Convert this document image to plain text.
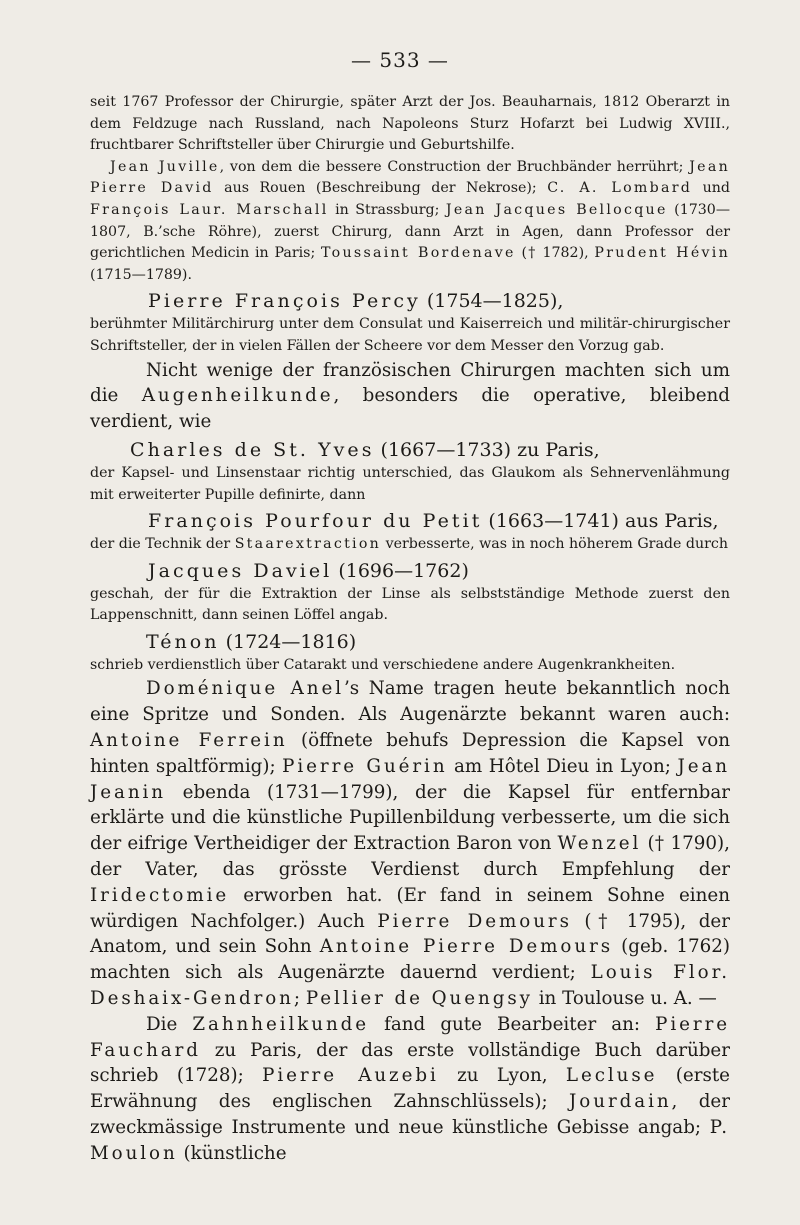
— 533 —

seit 1767 Professor der Chirurgie, später Arzt der Jos. Beauharnais, 1812 Oberarzt in dem Feldzuge nach Russland, nach Napoleons Sturz Hofarzt bei Ludwig XVIII., fruchtbarer Schriftsteller über Chirurgie und Geburtshilfe.

Jean Juville, von dem die bessere Construction der Bruchbänder herrührt; Jean Pierre David aus Rouen (Beschreibung der Nekrose); C. A. Lombard und François Laur. Marschall in Strassburg; Jean Jacques Bellocque (1730—1807, B.’sche Röhre), zuerst Chirurg, dann Arzt in Agen, dann Professor der gerichtlichen Medicin in Paris; Toussaint Bordenave († 1782), Prudent Hévin (1715—1789).

Pierre François Percy (1754—1825),

berühmter Militärchirurg unter dem Consulat und Kaiserreich und militär-chirurgischer Schriftsteller, der in vielen Fällen der Scheere vor dem Messer den Vorzug gab.

Nicht wenige der französischen Chirurgen machten sich um die Augenheilkunde, besonders die operative, bleibend verdient, wie

Charles de St. Yves (1667—1733) zu Paris,

der Kapsel- und Linsenstaar richtig unterschied, das Glaukom als Sehnervenlähmung mit erweiterter Pupille definirte, dann

François Pourfour du Petit (1663—1741) aus Paris,

der die Technik der Staarextraction verbesserte, was in noch höherem Grade durch

Jacques Daviel (1696—1762)

geschah, der für die Extraktion der Linse als selbstständige Methode zuerst den Lappenschnitt, dann seinen Löffel angab.

Ténon (1724—1816)

schrieb verdienstlich über Catarakt und verschiedene andere Augenkrankheiten.

Doménique Anel’s Name tragen heute bekanntlich noch eine Spritze und Sonden. Als Augenärzte bekannt waren auch: Antoine Ferrein (öffnete behufs Depression die Kapsel von hinten spaltförmig); Pierre Guérin am Hôtel Dieu in Lyon; Jean Jeanin ebenda (1731—1799), der die Kapsel für entfernbar erklärte und die künstliche Pupillenbildung verbesserte, um die sich der eifrige Vertheidiger der Extraction Baron von Wenzel († 1790), der Vater, das grösste Verdienst durch Empfehlung der Iridectomie erworben hat. (Er fand in seinem Sohne einen würdigen Nachfolger.) Auch Pierre Demours († 1795), der Anatom, und sein Sohn Antoine Pierre Demours (geb. 1762) machten sich als Augenärzte dauernd verdient; Louis Flor. Deshaix-Gendron; Pellier de Quengsy in Toulouse u. A. —

Die Zahnheilkunde fand gute Bearbeiter an: Pierre Fauchard zu Paris, der das erste vollständige Buch darüber schrieb (1728); Pierre Auzebi zu Lyon, Lecluse (erste Erwähnung des englischen Zahnschlüssels); Jourdain, der zweckmässige Instrumente und neue künstliche Gebisse angab; P. Moulon (künstliche
